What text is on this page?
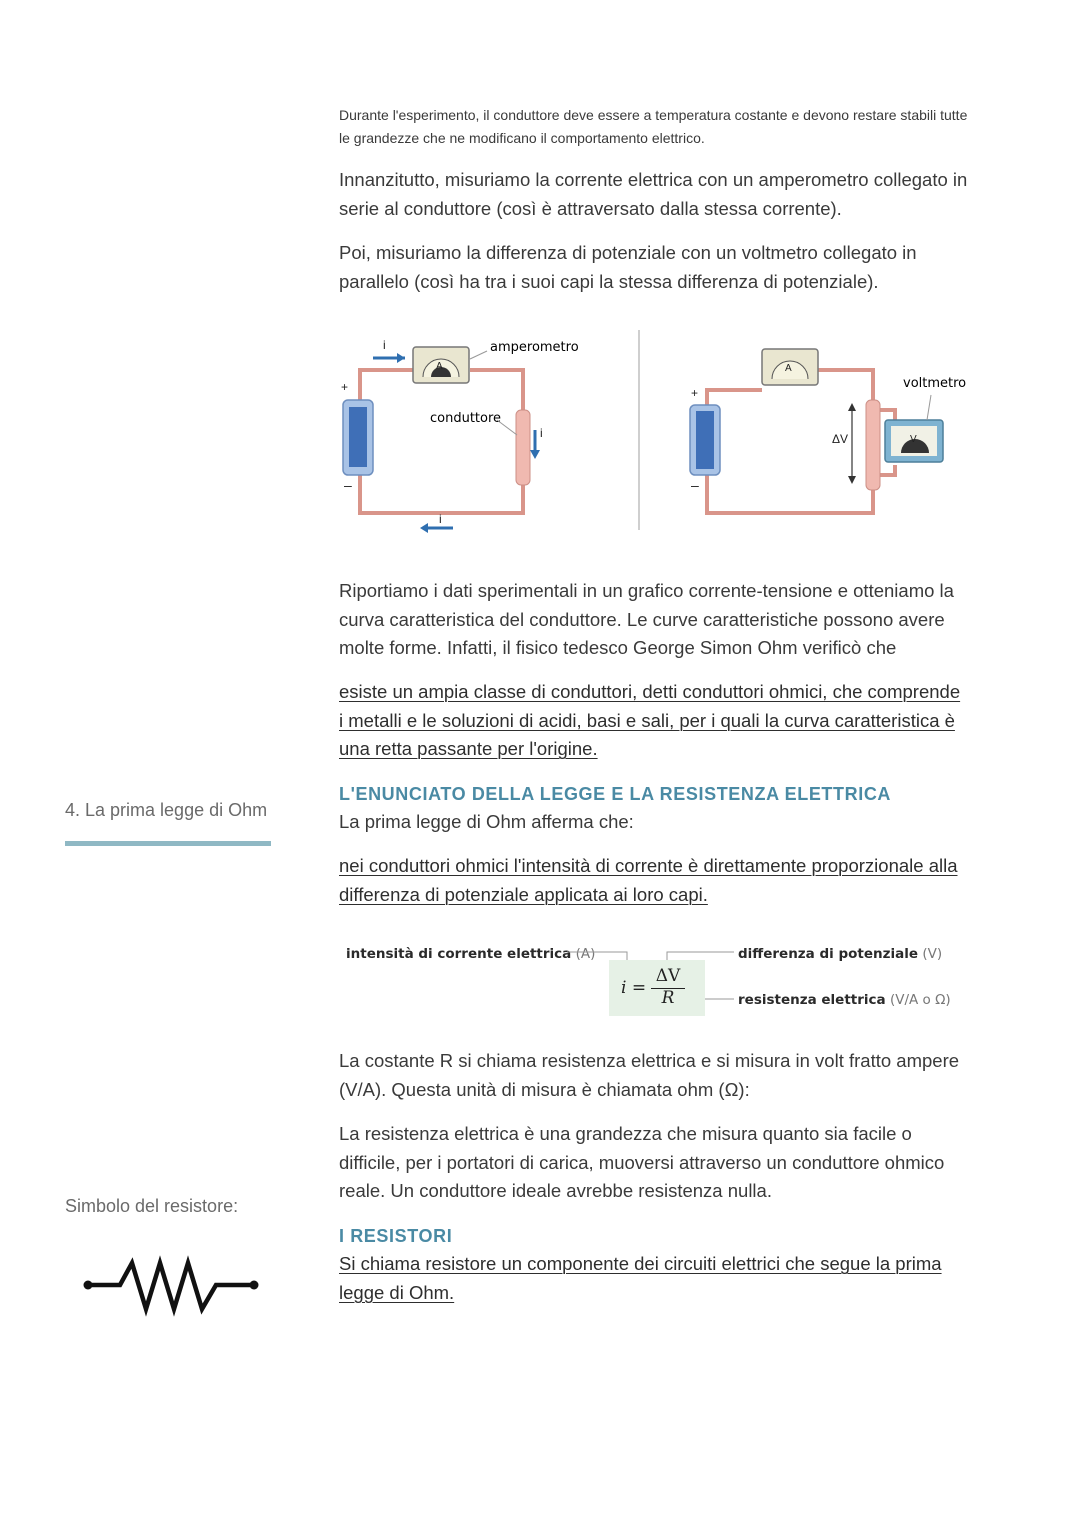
Durante l'esperimento, il conduttore deve essere a temperatura costante e devono restare stabili tutte le grandezze che ne modificano il comportamento elettrico.
Innanzitutto, misuriamo la corrente elettrica con un amperometro collegato in serie al conduttore (così è attraversato dalla stessa corrente).
Poi, misuriamo la differenza di potenziale con un voltmetro collegato in parallelo (così ha tra i suoi capi la stessa differenza di potenziale).
+
–
A
i
i
i
amperometro
conduttore
+
–
A
ΔV	V
voltmetro
Riportiamo i dati sperimentali in un grafico corrente-tensione e otteniamo la curva caratteristica del conduttore. Le curve caratteristiche possono avere molte forme. Infatti, il fisico tedesco George Simon Ohm verificò che
esiste un ampia classe di conduttori, detti conduttori ohmici, che comprende i metalli e le soluzioni di acidi, basi e sali, per i quali la curva caratteristica è una retta passante per l'origine.
L'ENUNCIATO DELLA LEGGE E LA RESISTENZA ELETTRICA
La prima legge di Ohm afferma che:
nei conduttori ohmici l'intensità di corrente è direttamente proporzionale alla differenza di potenziale applicata ai loro capi.
intensità di corrente elettrica (A)	differenza di potenziale (V)
resistenza elettrica (V/A o Ω)
i =
ΔV
R
La costante R si chiama resistenza elettrica e si misura in volt fratto ampere (V/A). Questa unità di misura è chiamata ohm (Ω):
La resistenza elettrica è una grandezza che misura quanto sia facile o difficile, per i portatori di carica, muoversi attraverso un conduttore ohmico reale. Un conduttore ideale avrebbe resistenza nulla.
I RESISTORI
Si chiama resistore un componente dei circuiti elettrici che segue la prima legge di Ohm.
4. La prima legge di Ohm
Simbolo del resistore:
